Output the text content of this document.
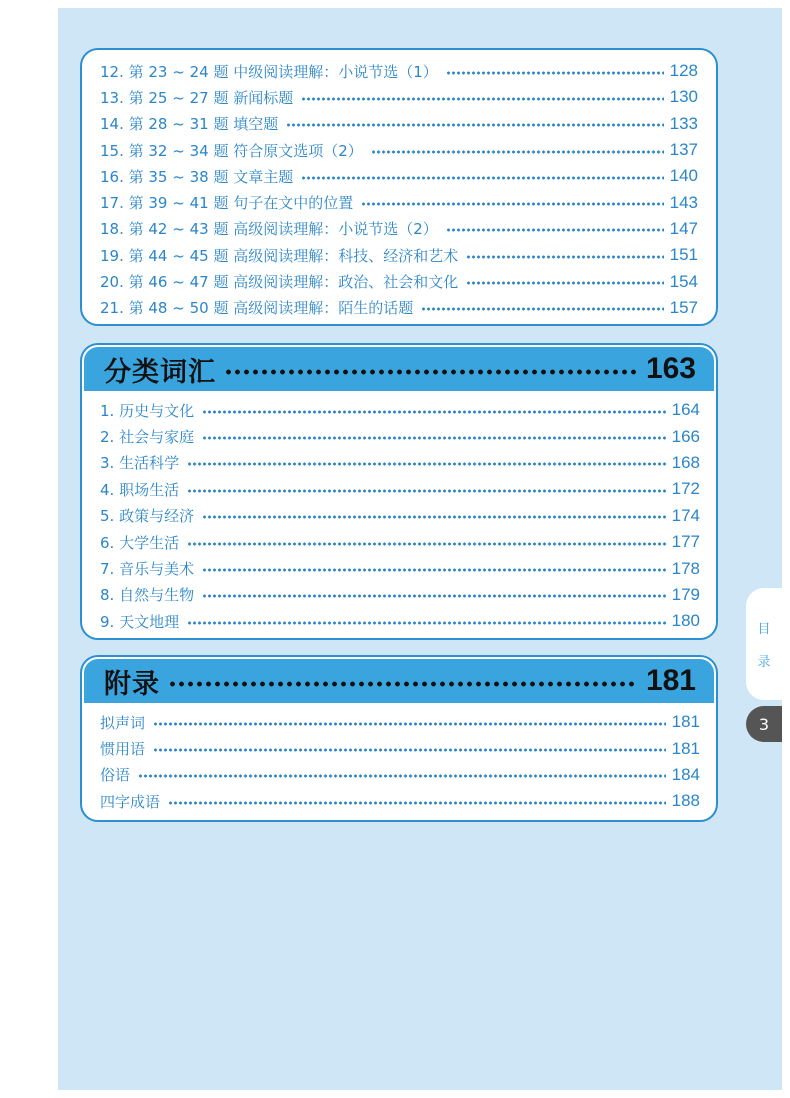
12. 第 23 ~ 24 题 中级阅读理解：小说节选（1）	128
13. 第 25 ~ 27 题 新闻标题	130
14. 第 28 ~ 31 题 填空题	133
15. 第 32 ~ 34 题 符合原文选项（2）	137
16. 第 35 ~ 38 题 文章主题	140
17. 第 39 ~ 41 题 句子在文中的位置	143
18. 第 42 ~ 43 题 高级阅读理解：小说节选（2）	147
19. 第 44 ~ 45 题 高级阅读理解：科技、经济和艺术	151
20. 第 46 ~ 47 题 高级阅读理解：政治、社会和文化	154
21. 第 48 ~ 50 题 高级阅读理解：陌生的话题	157
分类词汇	163
1. 历史与文化	164
2. 社会与家庭	166
3. 生活科学	168
4. 职场生活	172
5. 政策与经济	174
6. 大学生活	177
7. 音乐与美术	178
8. 自然与生物	179
9. 天文地理	180
附录	181
拟声词	181
惯用语	181
俗语	184
四字成语	188
目
录
3
